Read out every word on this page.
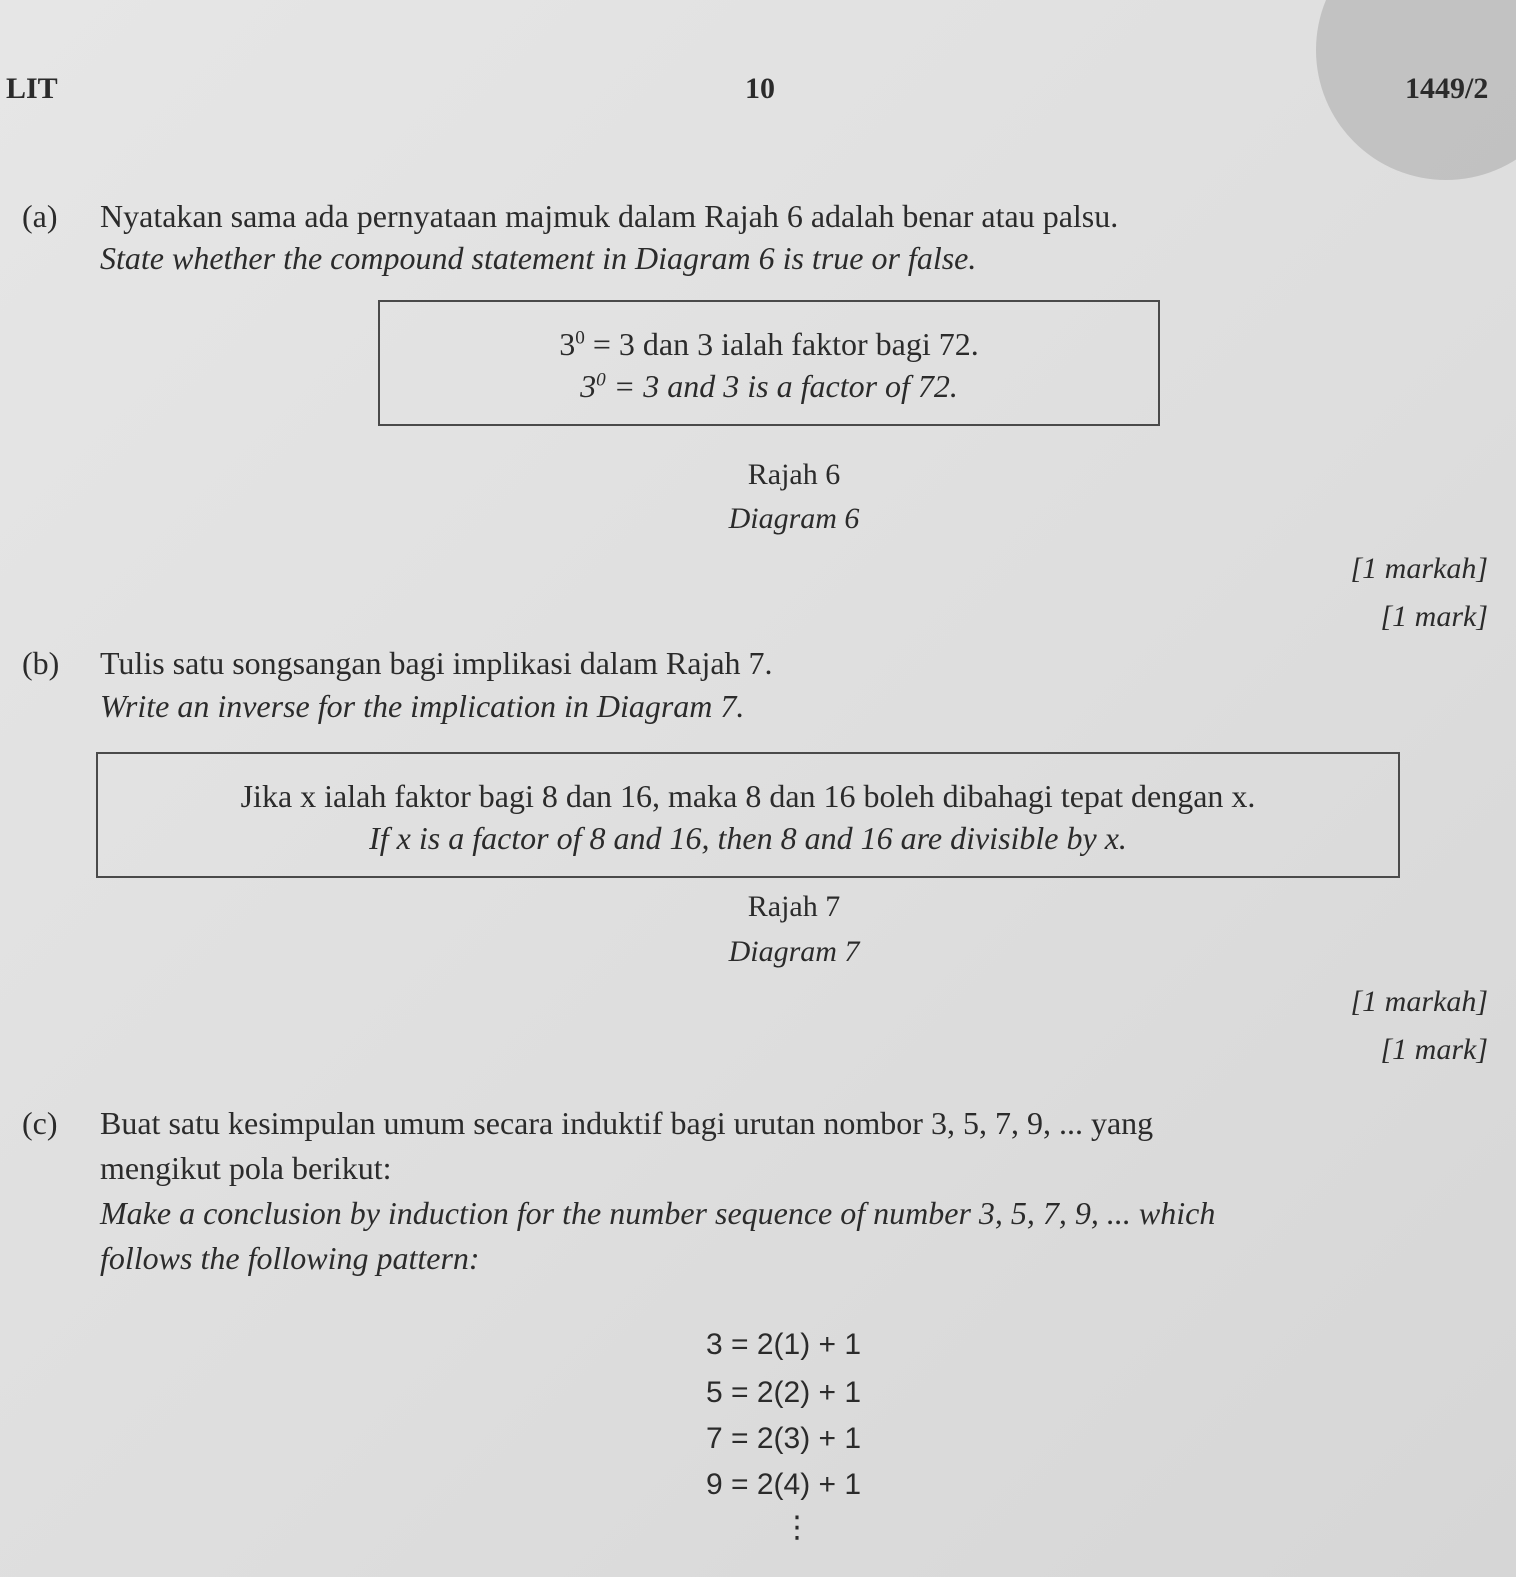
LIT	10	1449/2
(a) Nyatakan sama ada pernyataan majmuk dalam Rajah 6 adalah benar atau palsu.
State whether the compound statement in Diagram 6 is true or false.
$3^0 = 3$ dan 3 ialah faktor bagi 72.
$3^0 = 3$ and 3 is a factor of 72.
Rajah 6
Diagram 6
[1 markah]
[1 mark]
(b) Tulis satu songsangan bagi implikasi dalam Rajah 7.
Write an inverse for the implication in Diagram 7.
Jika x ialah faktor bagi 8 dan 16, maka 8 dan 16 boleh dibahagi tepat dengan x.
If x is a factor of 8 and 16, then 8 and 16 are divisible by x.
Rajah 7
Diagram 7
[1 markah]
[1 mark]
(c) Buat satu kesimpulan umum secara induktif bagi urutan nombor 3, 5, 7, 9, ... yang
mengikut pola berikut:
Make a conclusion by induction for the number sequence of number 3, 5, 7, 9, ... which
follows the following pattern:
3 = 2(1) + 1
5 = 2(2) + 1
7 = 2(3) + 1
9 = 2(4) + 1
⋮
